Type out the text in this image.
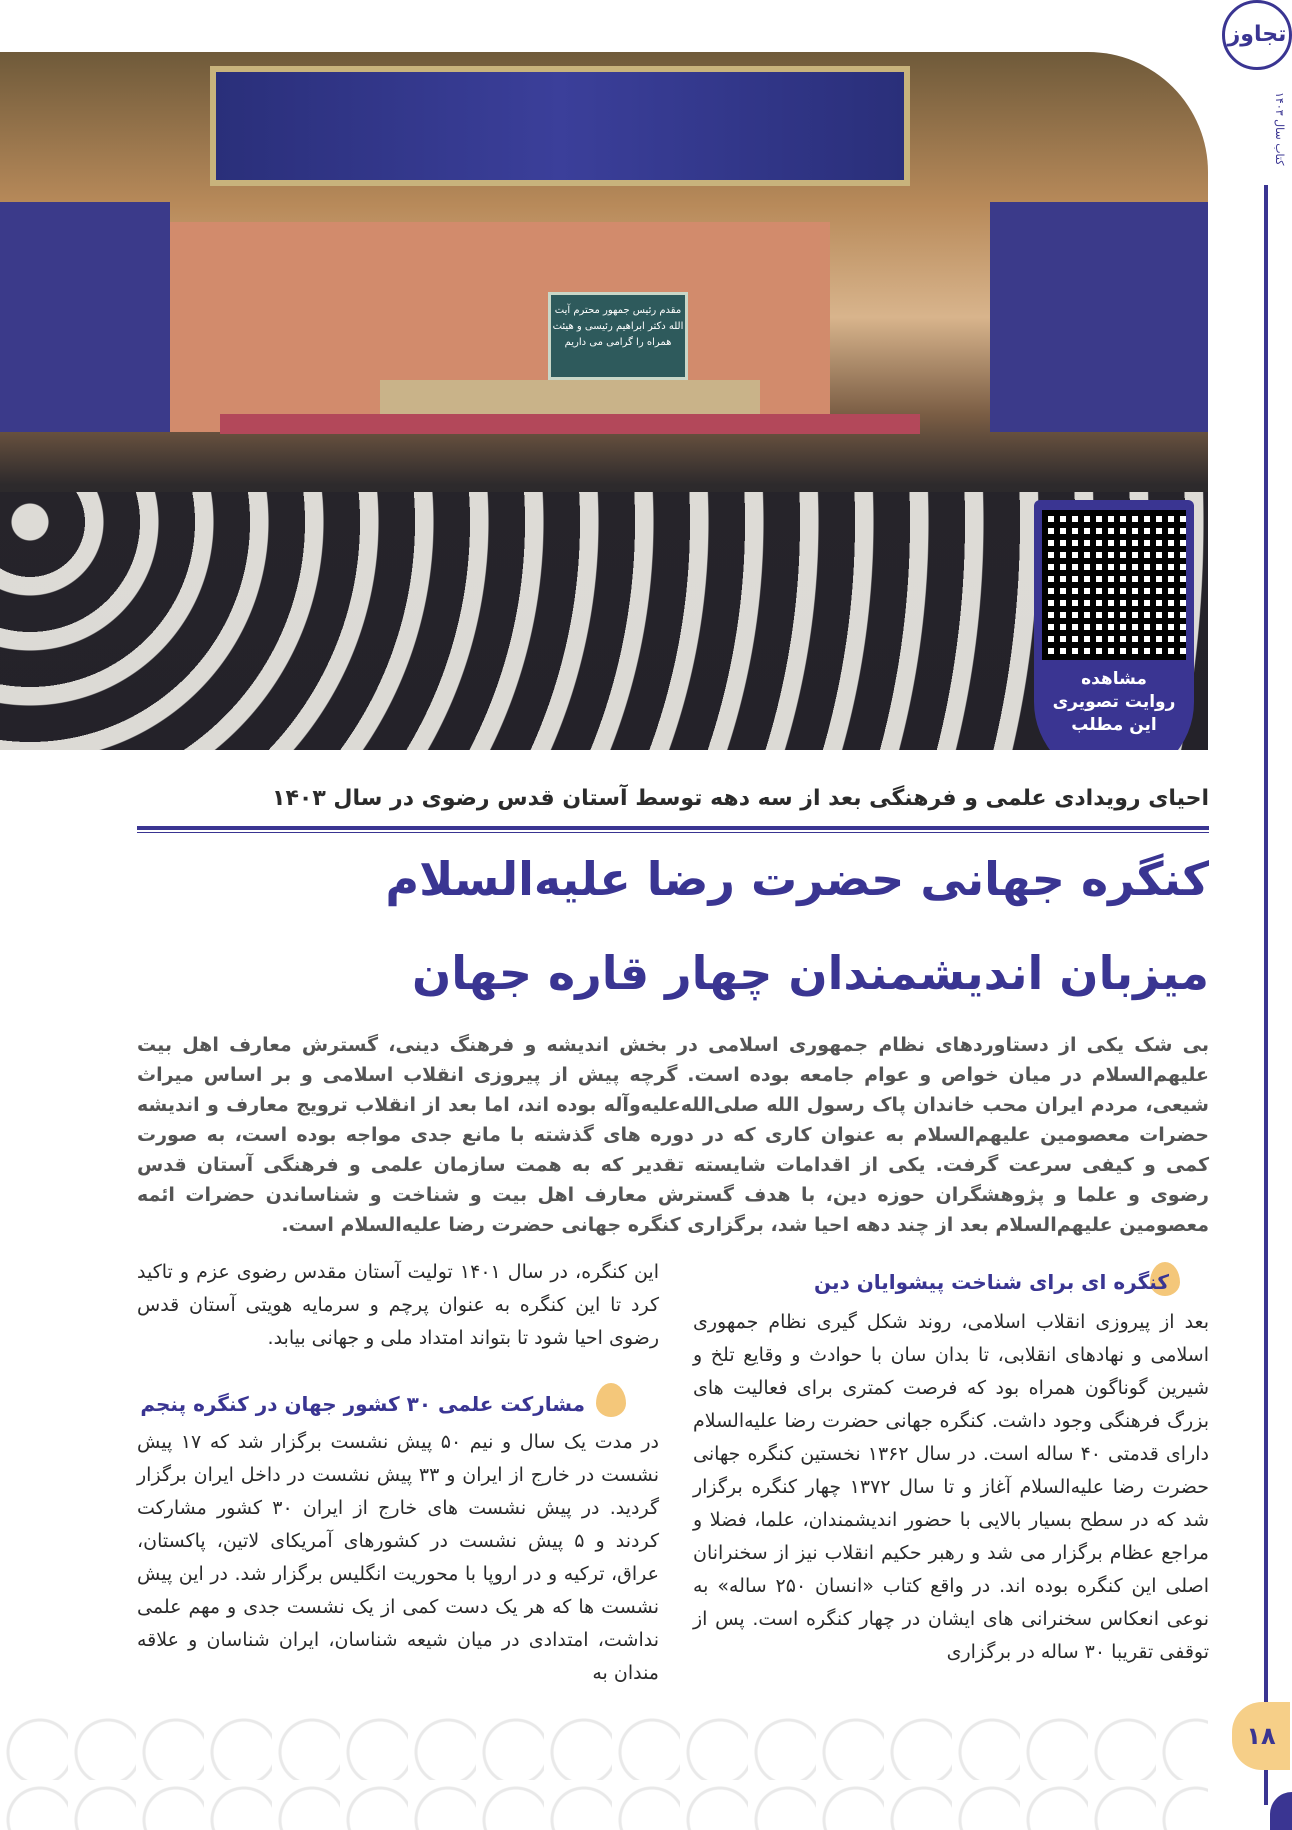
تجاوز
کتاب سال ۱۴۰۳
مقدم رئیس جمهور محترم آیت الله دکتر ابراهیم رئیسی و هیئت همراه را گرامی می داریم
مشاهده
روایت تصویری
این مطلب
احیای رویدادی علمی و فرهنگی بعد از سه دهه توسط آستان قدس رضوی در سال ۱۴۰۳
کنگره جهانی حضرت رضا علیه‌السلام
میزبان اندیشمندان چهار قاره جهان
بی شک یکی از دستاوردهای نظام جمهوری اسلامی در بخش اندیشه و فرهنگ دینی، گسترش معارف اهل بیت علیهم‌السلام در میان خواص و عوام جامعه بوده است. گرچه پیش از پیروزی انقلاب اسلامی و بر اساس میراث شیعی، مردم ایران محب خاندان پاک رسول الله صلی‌الله‌علیه‌وآله بوده اند، اما بعد از انقلاب ترویج معارف و اندیشه حضرات معصومین علیهم‌السلام به عنوان کاری که در دوره های گذشته با مانع جدی مواجه بوده است، به صورت کمی و کیفی سرعت گرفت. یکی از اقدامات شایسته تقدیر که به همت سازمان علمی و فرهنگی آستان قدس رضوی و علما و پژوهشگران حوزه دین، با هدف گسترش معارف اهل بیت و شناخت و شناساندن حضرات ائمه معصومین علیهم‌السلام بعد از چند دهه احیا شد، برگزاری کنگره جهانی حضرت رضا علیه‌السلام است.
کنگره ای برای شناخت پیشوایان دین

بعد از پیروزی انقلاب اسلامی، روند شکل گیری نظام جمهوری اسلامی و نهادهای انقلابی، تا بدان سان با حوادث و وقایع تلخ و شیرین گوناگون همراه بود که فرصت کمتری برای فعالیت های بزرگ فرهنگی وجود داشت. کنگره جهانی حضرت رضا علیه‌السلام دارای قدمتی ۴۰ ساله است. در سال ۱۳۶۲ نخستین کنگره جهانی حضرت رضا علیه‌السلام آغاز و تا سال ۱۳۷۲ چهار کنگره برگزار شد که در سطح بسیار بالایی با حضور اندیشمندان، علما، فضلا و مراجع عظام برگزار می شد و رهبر حکیم انقلاب نیز از سخنرانان اصلی این کنگره بوده اند. در واقع کتاب «انسان ۲۵۰ ساله» به نوعی انعکاس سخنرانی های ایشان در چهار کنگره است. پس از توقفی تقریبا ۳۰ ساله در برگزاری

این کنگره، در سال ۱۴۰۱ تولیت آستان مقدس رضوی عزم و تاکید کرد تا این کنگره به عنوان پرچم و سرمایه هویتی آستان قدس رضوی احیا شود تا بتواند امتداد ملی و جهانی بیابد.

مشارکت علمی ۳۰ کشور جهان در کنگره پنجم

در مدت یک سال و نیم ۵۰ پیش نشست برگزار شد که ۱۷ پیش نشست در خارج از ایران و ۳۳ پیش نشست در داخل ایران برگزار گردید. در پیش نشست های خارج از ایران ۳۰ کشور مشارکت کردند و ۵ پیش نشست در کشورهای آمریکای لاتین، پاکستان، عراق، ترکیه و در اروپا با محوریت انگلیس برگزار شد. در این پیش نشست ها که هر یک دست کمی از یک نشست جدی و مهم علمی نداشت، امتدادی در میان شیعه شناسان، ایران شناسان و علاقه مندان به

۱۸
